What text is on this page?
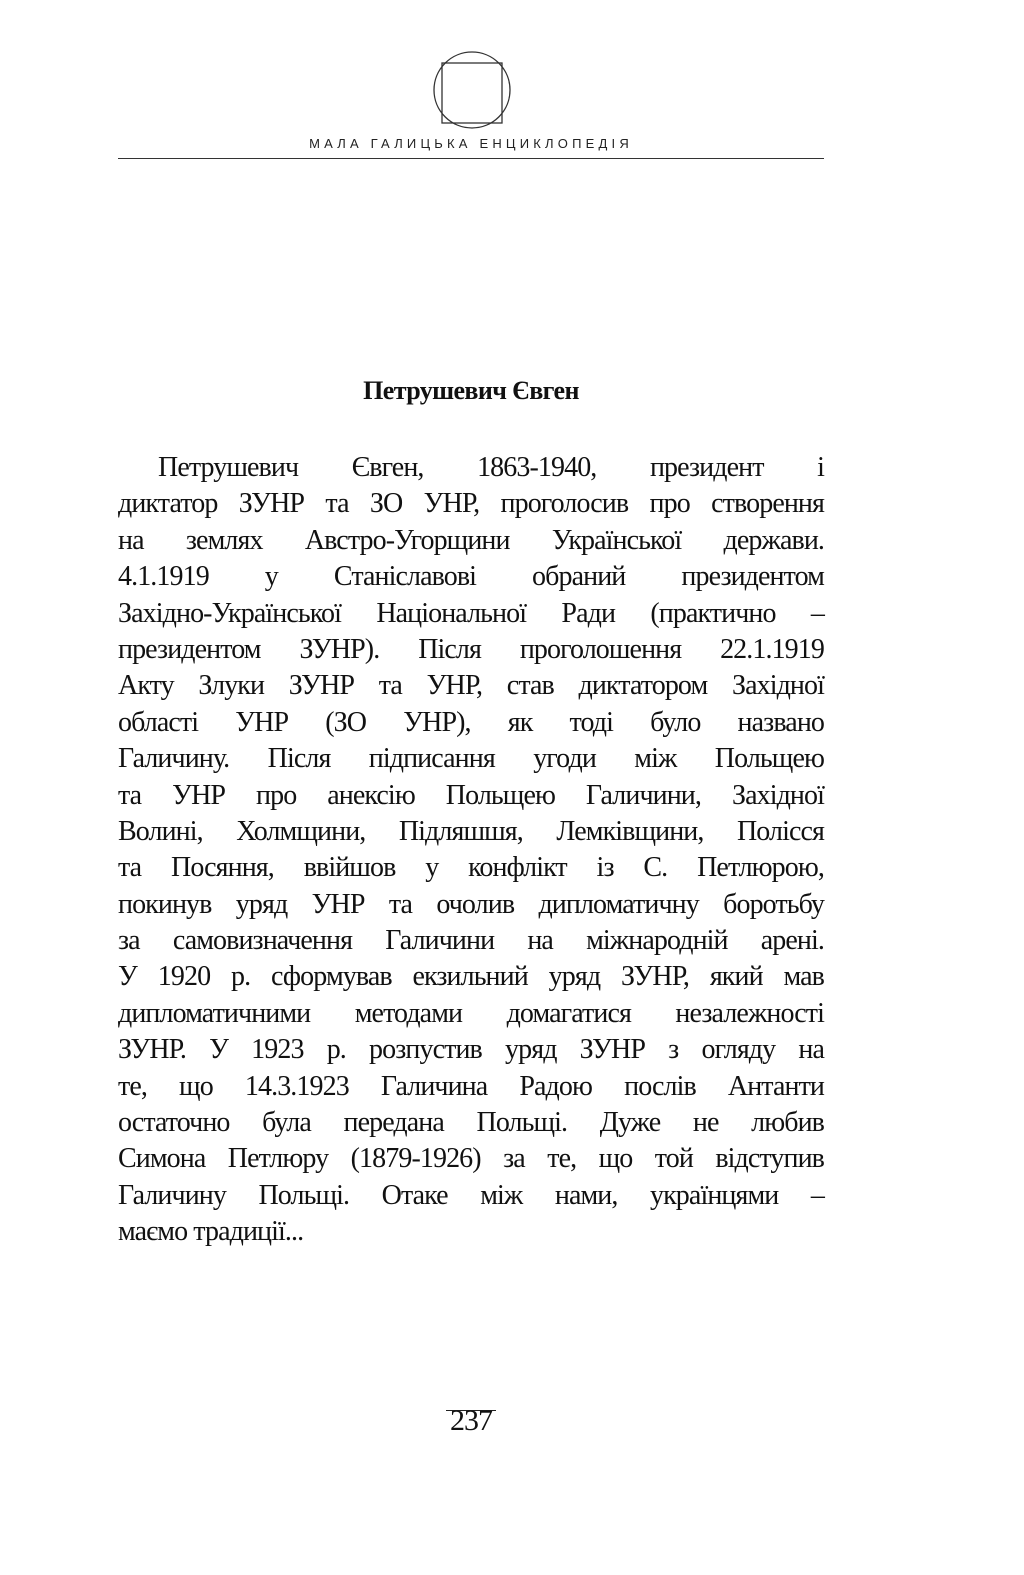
МАЛА ГАЛИЦЬКА ЕНЦИКЛОПЕДІЯ
Петрушевич Євген
Петрушевич Євген, 1863-1940, президент і
диктатор ЗУНР та ЗО УНР, проголосив про створення
на землях Австро-Угорщини Української держави.
4.1.1919 у Станіславові обраний президентом
Західно-Української Національної Ради (практично –
президентом ЗУНР). Після проголошення 22.1.1919
Акту Злуки ЗУНР та УНР, став диктатором Західної
області УНР (ЗО УНР), як тоді було названо
Галичину. Після підписання угоди між Польщею
та УНР про анексію Польщею Галичини, Західної
Волині, Холмщини, Підляшшя, Лемківщини, Полісся
та Посяння, ввійшов у конфлікт із С. Петлюрою,
покинув уряд УНР та очолив дипломатичну боротьбу
за самовизначення Галичини на міжнародній арені.
У 1920 р. сформував екзильний уряд ЗУНР, який мав
дипломатичними методами домагатися незалежності
ЗУНР. У 1923 р. розпустив уряд ЗУНР з огляду на
те, що 14.3.1923 Галичина Радою послів Антанти
остаточно була передана Польщі. Дуже не любив
Симона Петлюру (1879-1926) за те, що той відступив
Галичину Польщі. Отаке між нами, українцями –
маємо традиції...
237
